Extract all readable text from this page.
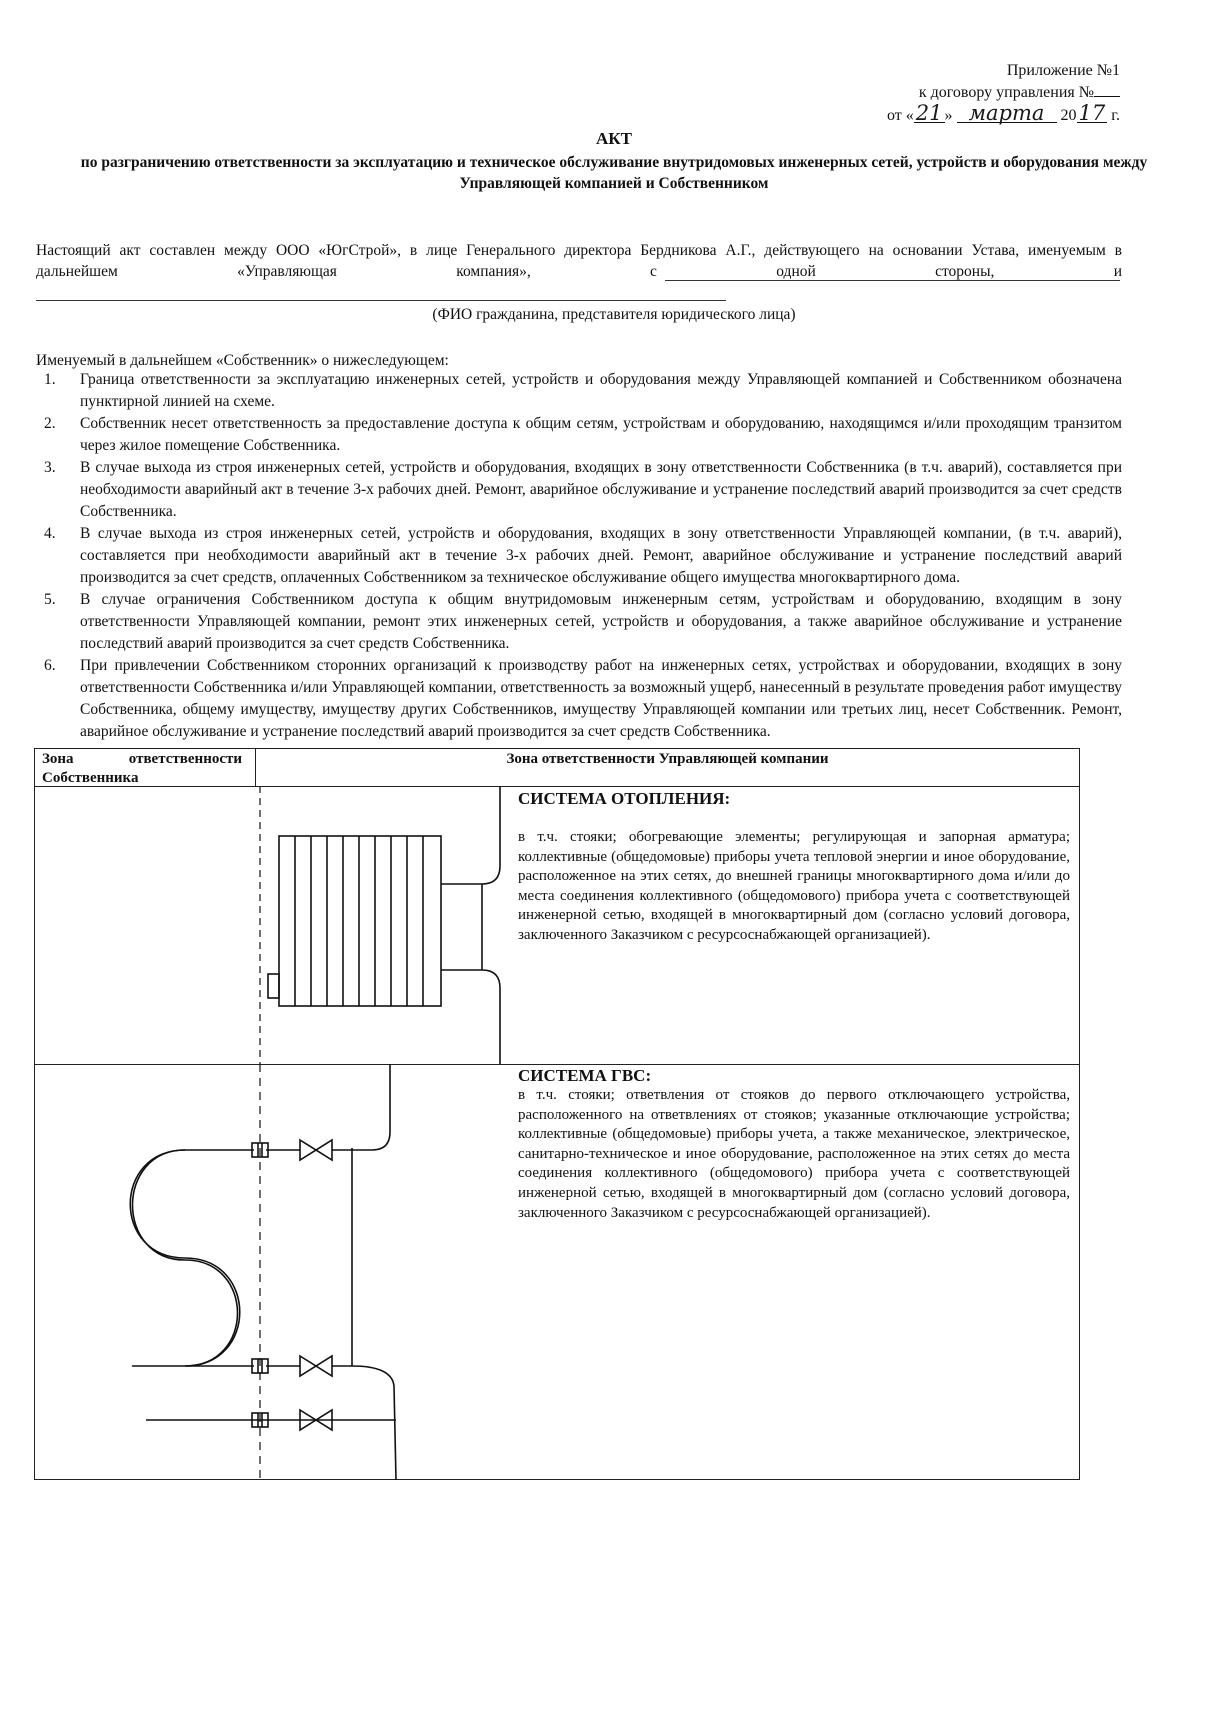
Приложение №1
к договору управления №
от «21 » марта 2017 г.
АКТ
по разграничению ответственности за эксплуатацию и техническое обслуживание внутридомовых инженерных сетей, устройств и оборудования между Управляющей компанией и Собственником
Настоящий акт составлен между ООО «ЮгСтрой», в лице Генерального директора Бердникова А.Г., действующего на основании Устава, именуемым в дальнейшем «Управляющая компания», с одной стороны, и
(ФИО гражданина, представителя юридического лица)
Именуемый в дальнейшем «Собственник» о нижеследующем:
1. Граница ответственности за эксплуатацию инженерных сетей, устройств и оборудования между Управляющей компанией и Собственником обозначена пунктирной линией на схеме.
2. Собственник несет ответственность за предоставление доступа к общим сетям, устройствам и оборудованию, находящимся и/или проходящим транзитом через жилое помещение Собственника.
3. В случае выхода из строя инженерных сетей, устройств и оборудования, входящих в зону ответственности Собственника (в т.ч. аварий), составляется при необходимости аварийный акт в течение 3-х рабочих дней. Ремонт, аварийное обслуживание и устранение последствий аварий производится за счет средств Собственника.
4. В случае выхода из строя инженерных сетей, устройств и оборудования, входящих в зону ответственности Управляющей компании, (в т.ч. аварий), составляется при необходимости аварийный акт в течение 3-х рабочих дней. Ремонт, аварийное обслуживание и устранение последствий аварий производится за счет средств, оплаченных Собственником за техническое обслуживание общего имущества многоквартирного дома.
5. В случае ограничения Собственником доступа к общим внутридомовым инженерным сетям, устройствам и оборудованию, входящим в зону ответственности Управляющей компании, ремонт этих инженерных сетей, устройств и оборудования, а также аварийное обслуживание и устранение последствий аварий производится за счет средств Собственника.
6. При привлечении Собственником сторонних организаций к производству работ на инженерных сетях, устройствах и оборудовании, входящих в зону ответственности Собственника и/или Управляющей компании, ответственность за возможный ущерб, нанесенный в результате проведения работ имуществу Собственника, общему имуществу, имуществу других Собственников, имуществу Управляющей компании или третьих лиц, несет Собственник. Ремонт, аварийное обслуживание и устранение последствий аварий производится за счет средств Собственника.
Зона	ответственности
Собственника
Зона ответственности Управляющей компании
СИСТЕМА ОТОПЛЕНИЯ:
в т.ч. стояки; обогревающие элементы; регулирующая и запорная арматура; коллективные (общедомовые) приборы учета тепловой энергии и иное оборудование, расположенное на этих сетях, до внешней границы многоквартирного дома и/или до места соединения коллективного (общедомового) прибора учета с соответствующей инженерной сетью, входящей в многоквартирный дом (согласно условий договора, заключенного Заказчиком с ресурсоснабжающей организацией).
СИСТЕМА ГВС:
в т.ч. стояки; ответвления от стояков до первого отключающего устройства, расположенного на ответвлениях от стояков; указанные отключающие устройства; коллективные (общедомовые) приборы учета, а также механическое, электрическое, санитарно-техническое и иное оборудование, расположенное на этих сетях до места соединения коллективного (общедомового) прибора учета с соответствующей инженерной сетью, входящей в многоквартирный дом (согласно условий договора, заключенного Заказчиком с ресурсоснабжающей организацией).
